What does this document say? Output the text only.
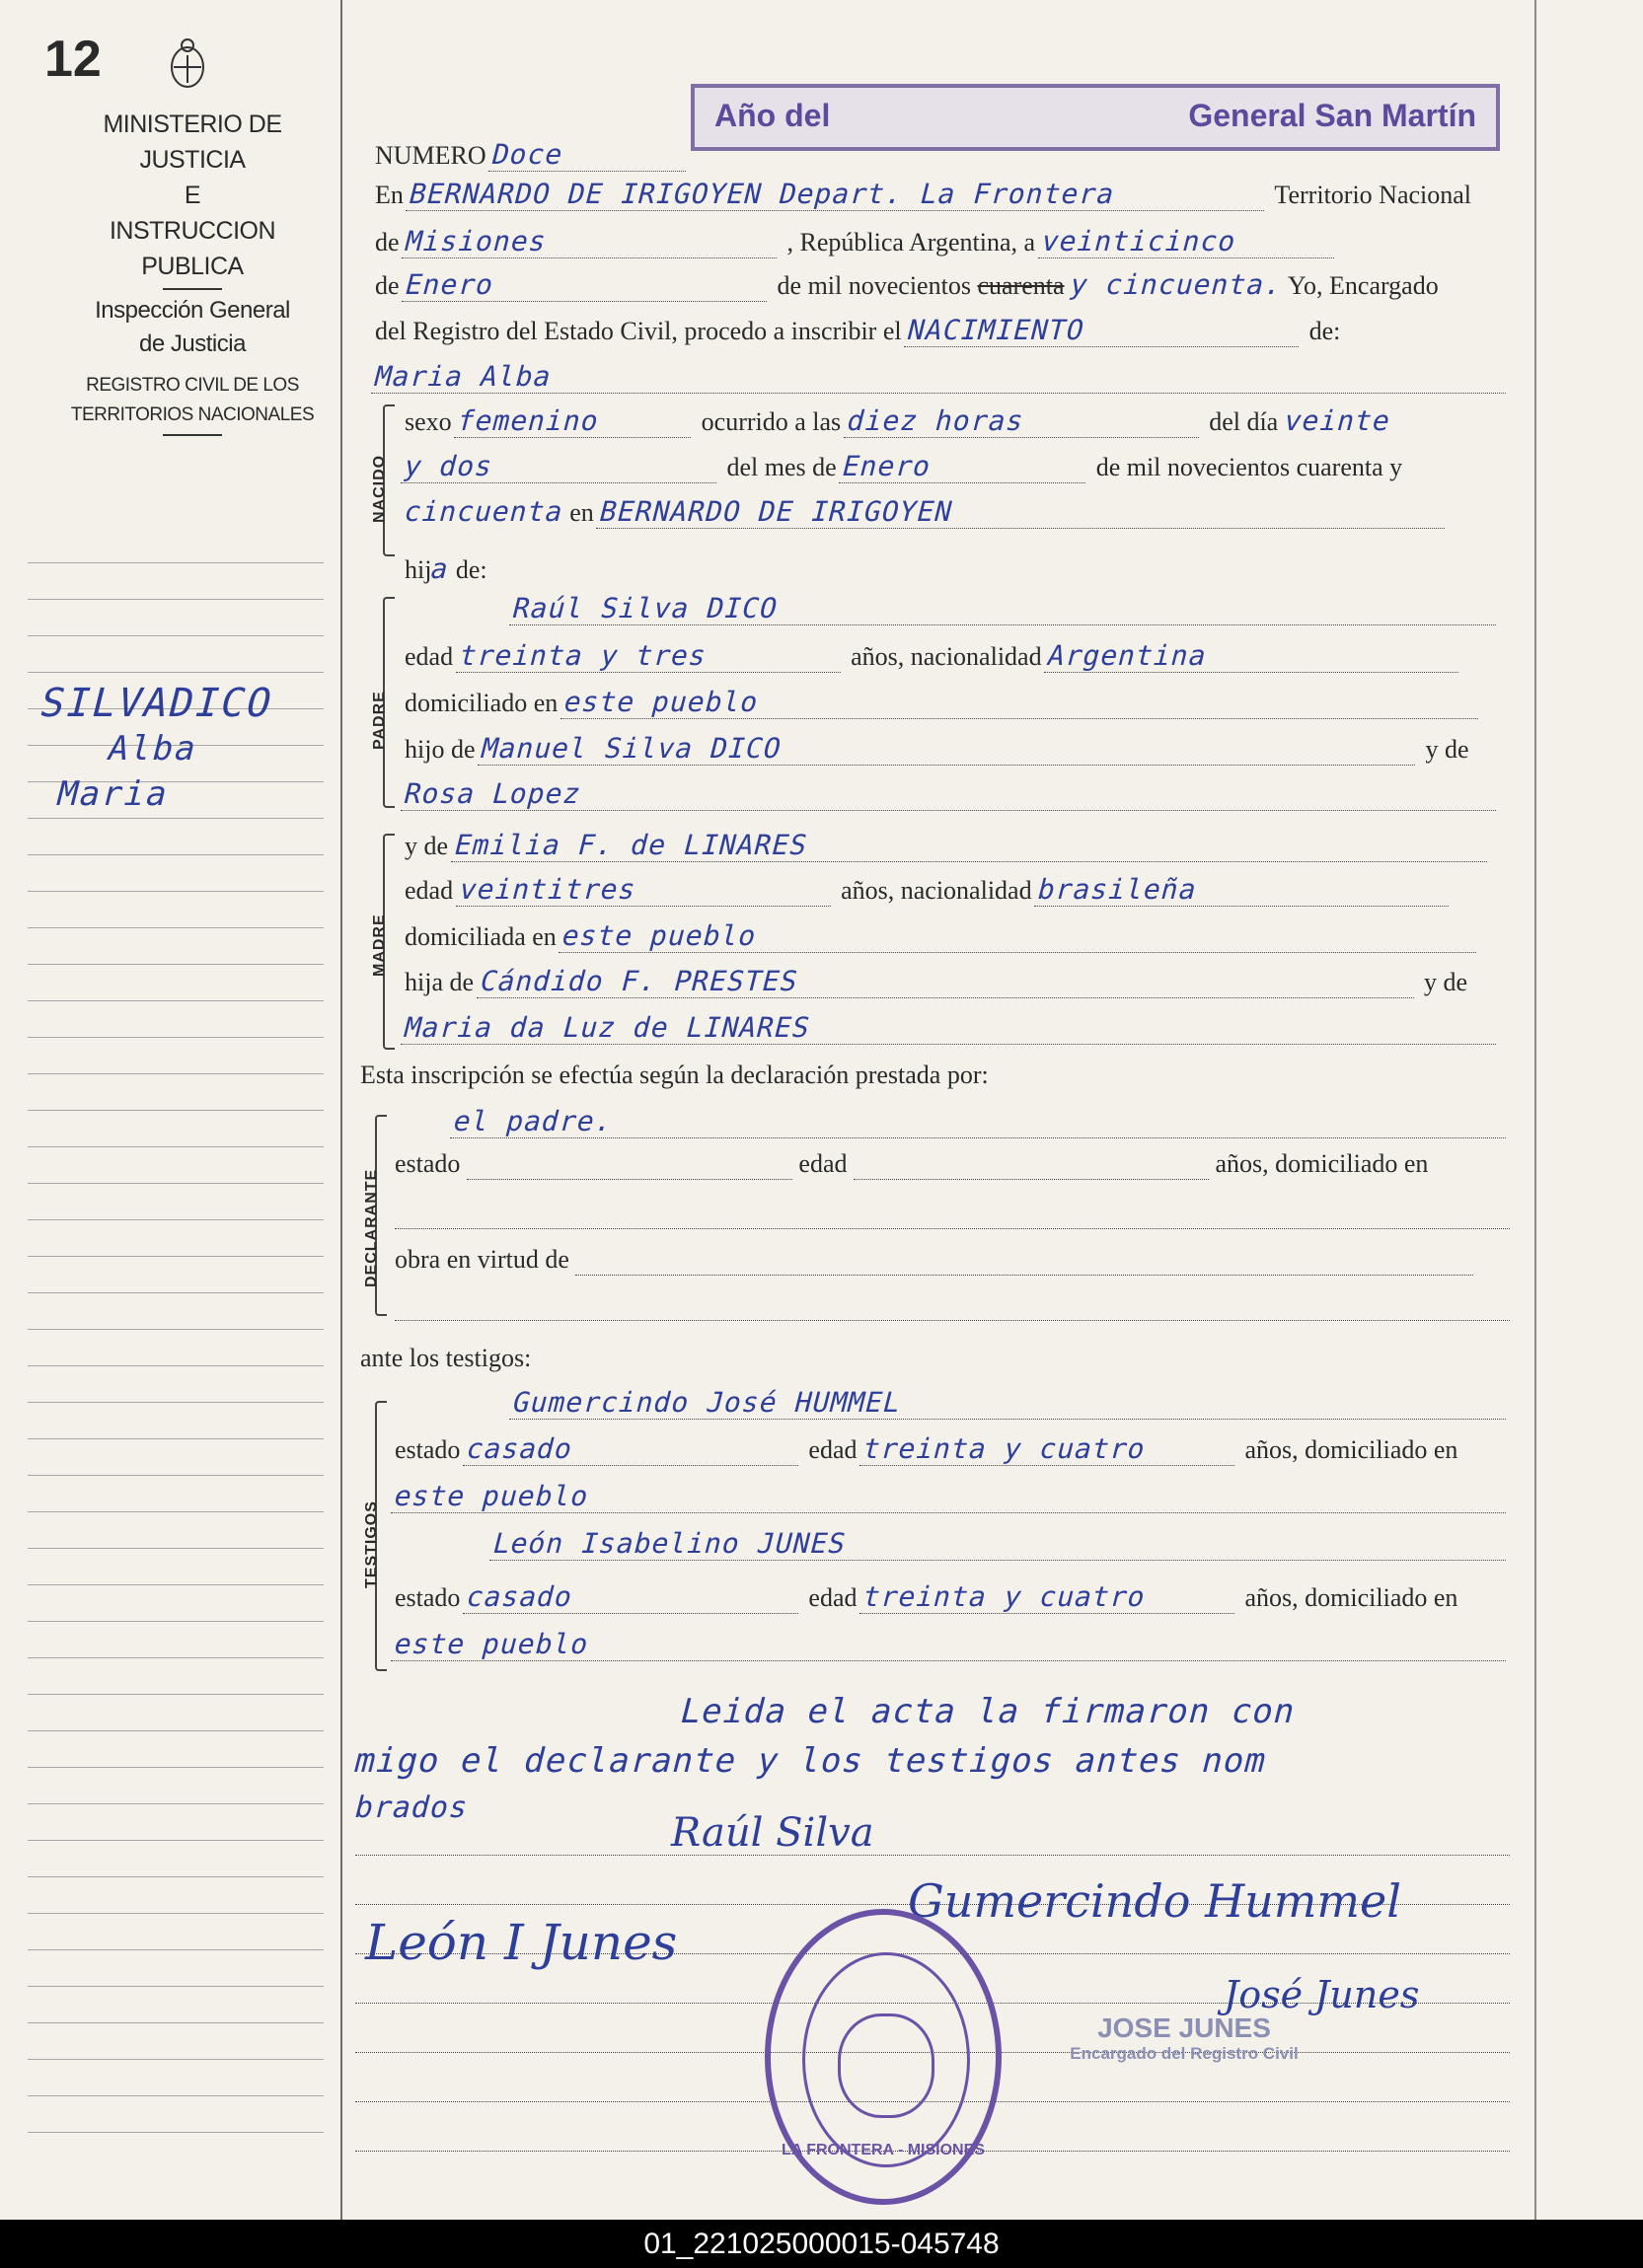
12
MINISTERIO DE JUSTICIA
E
INSTRUCCION PUBLICA
Inspección General
de Justicia
REGISTRO CIVIL DE LOS
TERRITORIOS NACIONALES
SILVADICO
Alba
Maria
Año del	General San Martín
NUMERO Doce
En BERNARDO DE IRIGOYEN Depart. La Frontera	Territorio Nacional
de Misiones	, República Argentina, a veinticinco
de Enero	de mil novecientos cuarenta y cincuenta. Yo, Encargado
del Registro del Estado Civil, procedo a inscribir el NACIMIENTO	de:
NACIDO
Maria Alba
sexo femenino	ocurrido a las diez horas	del día veinte
y dos	del mes de Enero	de mil novecientos cuarenta y
cincuenta en BERNARDO DE IRIGOYEN
hija de:
PADRE
Raúl Silva DICO
edad treinta y tres	años, nacionalidad Argentina
domiciliado en este pueblo
hijo de Manuel Silva DICO	y de
Rosa Lopez
MADRE
y de Emilia F. de LINARES
edad veintitres	años, nacionalidad brasileña
domiciliada en este pueblo
hija de Cándido F. PRESTES	y de
Maria da Luz de LINARES
Esta inscripción se efectúa según la declaración prestada por:
DECLARANTE
el padre.
estado	edad	años, domiciliado en

obra en virtud de

ante los testigos:
TESTIGOS
Gumercindo José HUMMEL
estado casado	edad treinta y cuatro	años, domiciliado en
este pueblo
León Isabelino JUNES
estado casado	edad treinta y cuatro	años, domiciliado en
este pueblo
Leida el acta la firmaron con
migo el declarante y los testigos antes nom
brados

Raúl Silva
León I Junes
Gumercindo Hummel
José Junes
JOSE JUNES
Encargado del Registro Civil
LA FRONTERA - MISIONES
01_221025000015-045748
